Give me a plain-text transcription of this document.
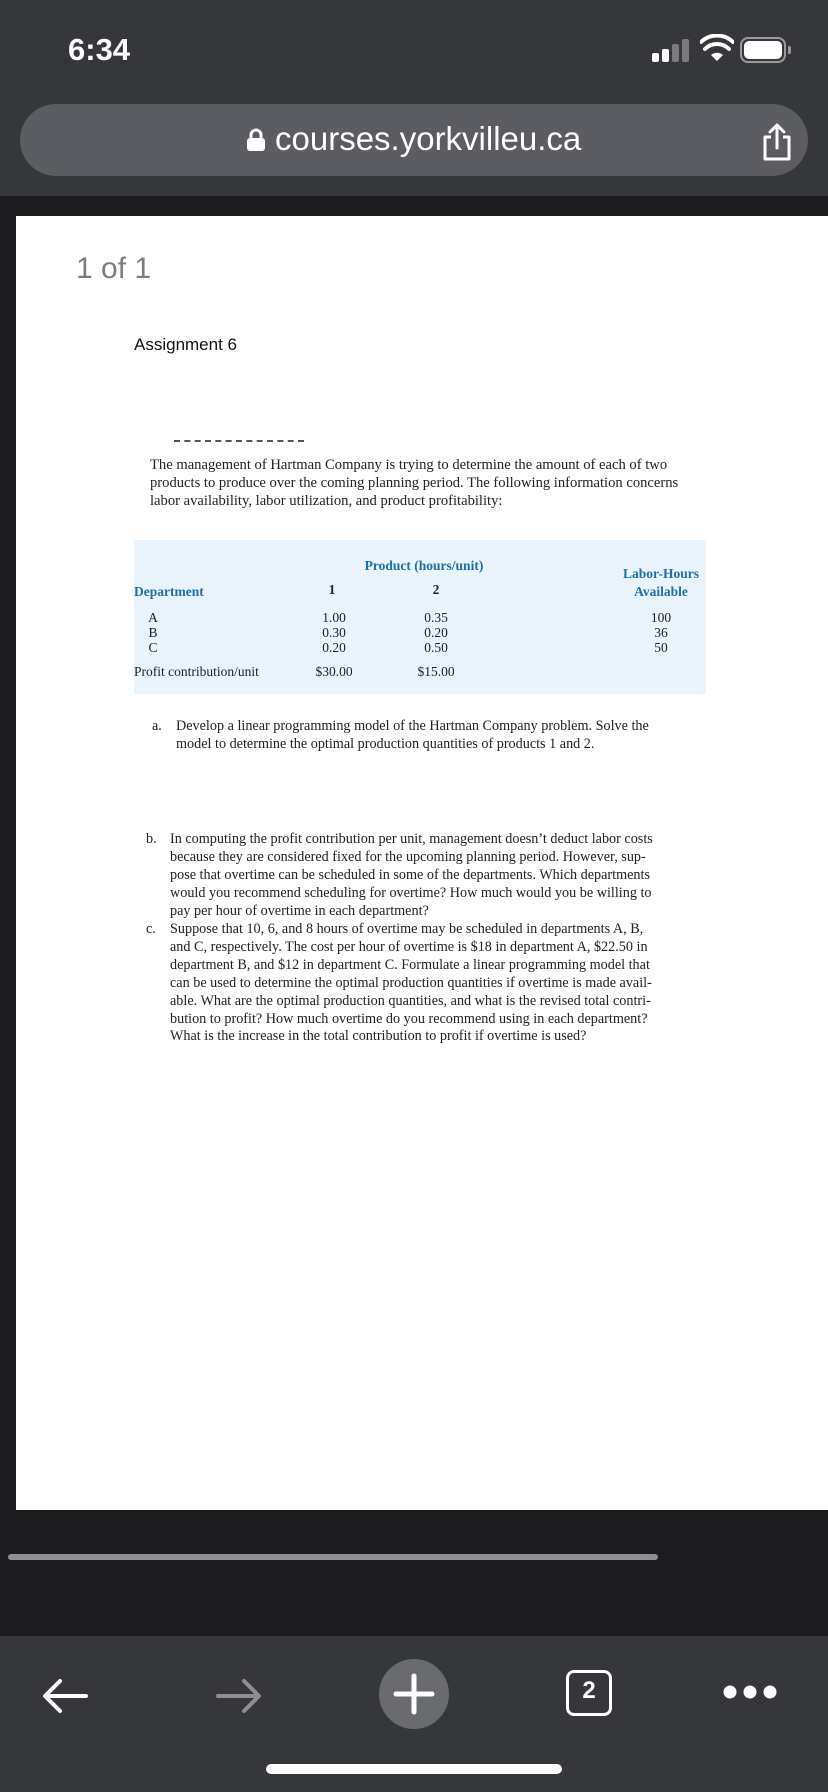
6:34
courses.yorkvilleu.ca
1 of 1
Assignment 6
The management of Hartman Company is trying to determine the amount of each of two
products to produce over the coming planning period. The following information concerns
labor availability, labor utilization, and product profitability:
Product (hours/unit)
Labor-Hours
Available
Department	1	2
A	1.00	0.35	100
B	0.30	0.20	36
C	0.20	0.50	50
Profit contribution/unit	$30.00	$15.00
a. Develop a linear programming model of the Hartman Company problem. Solve the
model to determine the optimal production quantities of products 1 and 2.
b. In computing the profit contribution per unit, management doesn’t deduct labor costs
because they are considered fixed for the upcoming planning period. However, sup-
pose that overtime can be scheduled in some of the departments. Which departments
would you recommend scheduling for overtime? How much would you be willing to
pay per hour of overtime in each department?
c. Suppose that 10, 6, and 8 hours of overtime may be scheduled in departments A, B,
and C, respectively. The cost per hour of overtime is $18 in department A, $22.50 in
department B, and $12 in department C. Formulate a linear programming model that
can be used to determine the optimal production quantities if overtime is made avail-
able. What are the optimal production quantities, and what is the revised total contri-
bution to profit? How much overtime do you recommend using in each department?
What is the increase in the total contribution to profit if overtime is used?
2
